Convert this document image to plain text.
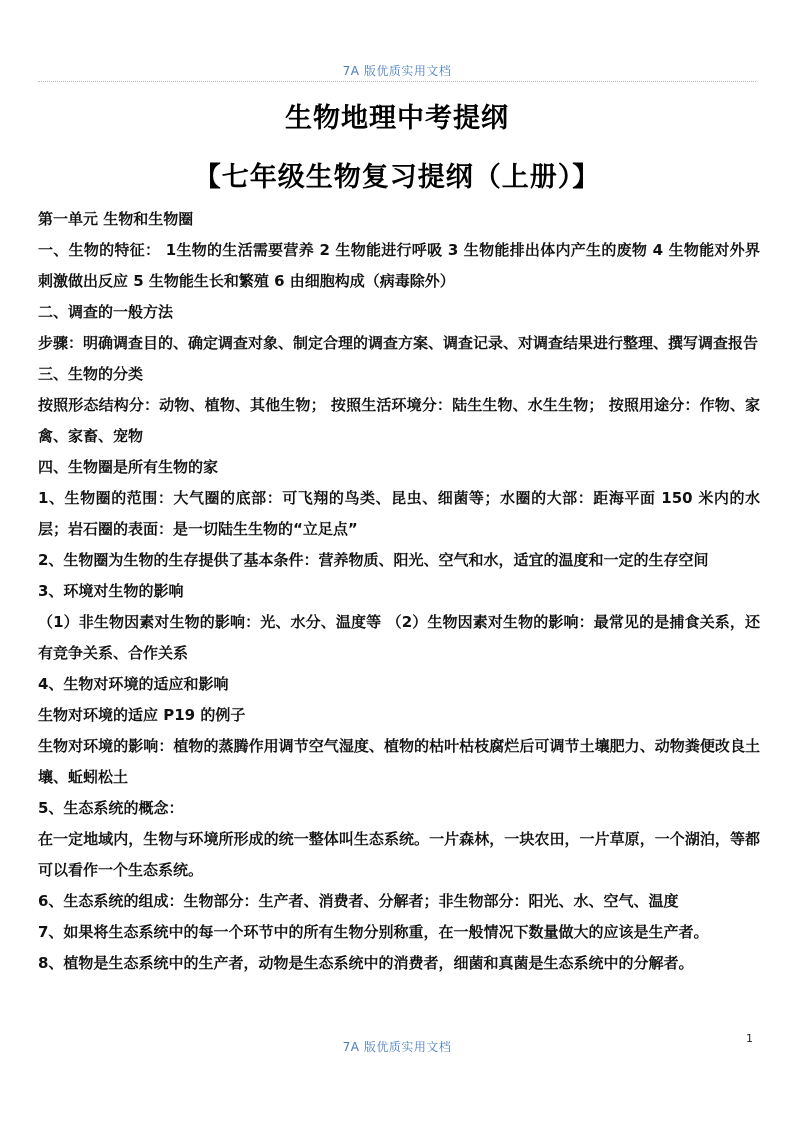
7A 版优质实用文档
生物地理中考提纲
【七年级生物复习提纲（上册）】

第一单元 生物和生物圈

一、生物的特征： 1生物的生活需要营养 2 生物能进行呼吸 3 生物能排出体内产生的废物 4 生物能对外界刺激做出反应 5 生物能生长和繁殖 6 由细胞构成（病毒除外）

二、调查的一般方法

步骤：明确调查目的、确定调查对象、制定合理的调查方案、调查记录、对调查结果进行整理、撰写调查报告

三、生物的分类

按照形态结构分：动物、植物、其他生物； 按照生活环境分：陆生生物、水生生物； 按照用途分：作物、家禽、家畜、宠物

四、生物圈是所有生物的家

1、生物圈的范围：大气圈的底部：可飞翔的鸟类、昆虫、细菌等；水圈的大部：距海平面 150 米内的水层；岩石圈的表面：是一切陆生生物的“立足点”

2、生物圈为生物的生存提供了基本条件：营养物质、阳光、空气和水，适宜的温度和一定的生存空间

3、环境对生物的影响

（1）非生物因素对生物的影响：光、水分、温度等 （2）生物因素对生物的影响：最常见的是捕食关系，还有竞争关系、合作关系

4、生物对环境的适应和影响

生物对环境的适应 P19 的例子

生物对环境的影响：植物的蒸腾作用调节空气湿度、植物的枯叶枯枝腐烂后可调节土壤肥力、动物粪便改良土壤、蚯蚓松土

5、生态系统的概念：

在一定地域内，生物与环境所形成的统一整体叫生态系统。一片森林，一块农田，一片草原，一个湖泊，等都可以看作一个生态系统。

6、生态系统的组成：生物部分：生产者、消费者、分解者；非生物部分：阳光、水、空气、温度

7、如果将生态系统中的每一个环节中的所有生物分别称重，在一般情况下数量做大的应该是生产者。

8、植物是生态系统中的生产者，动物是生态系统中的消费者，细菌和真菌是生态系统中的分解者。

1
7A 版优质实用文档
